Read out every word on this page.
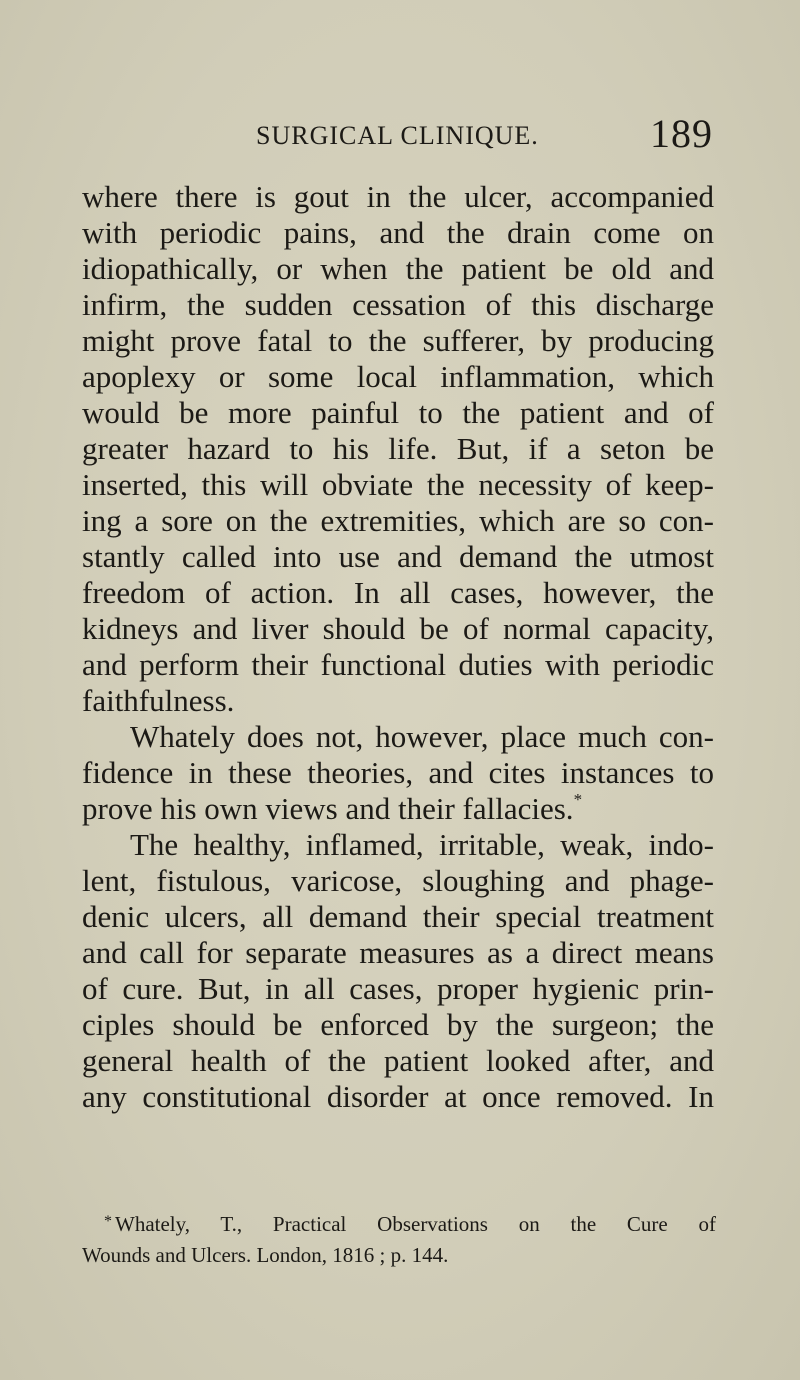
SURGICAL CLINIQUE.	189
where there is gout in the ulcer, accompanied
with periodic pains, and the drain come on
idiopathically, or when the patient be old and
infirm, the sudden cessation of this discharge
might prove fatal to the sufferer, by producing
apoplexy or some local inflammation, which
would be more painful to the patient and of
greater hazard to his life. But, if a seton be
inserted, this will obviate the necessity of keep-
ing a sore on the extremities, which are so con-
stantly called into use and demand the utmost
freedom of action. In all cases, however, the
kidneys and liver should be of normal capacity,
and perform their functional duties with periodic
faithfulness.
Whately does not, however, place much con-
fidence in these theories, and cites instances to
prove his own views and their fallacies.*
The healthy, inflamed, irritable, weak, indo-
lent, fistulous, varicose, sloughing and phage-
denic ulcers, all demand their special treatment
and call for separate measures as a direct means
of cure. But, in all cases, proper hygienic prin-
ciples should be enforced by the surgeon; the
general health of the patient looked after, and
any constitutional disorder at once removed. In
* Whately, T., Practical Observations on the Cure of
Wounds and Ulcers. London, 1816 ; p. 144.
